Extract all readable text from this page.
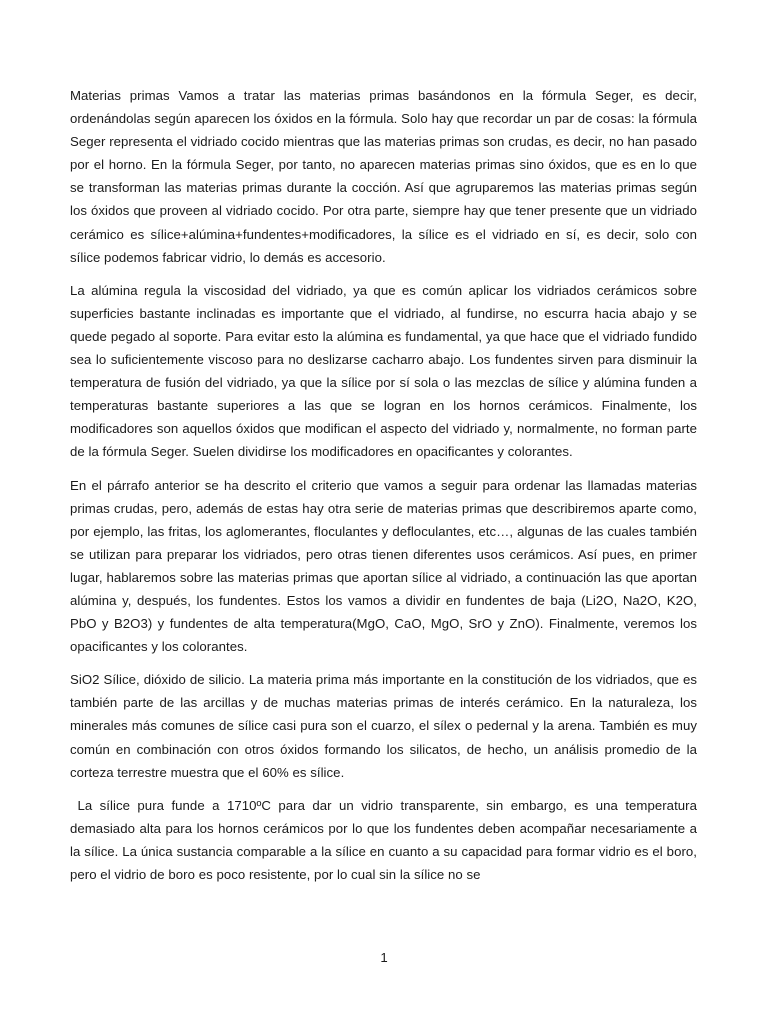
Materias primas Vamos a tratar las materias primas basándonos en la fórmula Seger, es decir, ordenándolas según aparecen los óxidos en la fórmula. Solo hay que recordar un par de cosas: la fórmula Seger representa el vidriado cocido mientras que las materias primas son crudas, es decir, no han pasado por el horno. En la fórmula Seger, por tanto, no aparecen materias primas sino óxidos, que es en lo que se transforman las materias primas durante la cocción. Así que agruparemos las materias primas según los óxidos que proveen al vidriado cocido. Por otra parte, siempre hay que tener presente que un vidriado cerámico es sílice+alúmina+fundentes+modificadores, la sílice es el vidriado en sí, es decir, solo con sílice podemos fabricar vidrio, lo demás es accesorio.

La alúmina regula la viscosidad del vidriado, ya que es común aplicar los vidriados cerámicos sobre superficies bastante inclinadas es importante que el vidriado, al fundirse, no escurra hacia abajo y se quede pegado al soporte. Para evitar esto la alúmina es fundamental, ya que hace que el vidriado fundido sea lo suficientemente viscoso para no deslizarse cacharro abajo. Los fundentes sirven para disminuir la temperatura de fusión del vidriado, ya que la sílice por sí sola o las mezclas de sílice y alúmina funden a temperaturas bastante superiores a las que se logran en los hornos cerámicos. Finalmente, los modificadores son aquellos óxidos que modifican el aspecto del vidriado y, normalmente, no forman parte de la fórmula Seger. Suelen dividirse los modificadores en opacificantes y colorantes.

En el párrafo anterior se ha descrito el criterio que vamos a seguir para ordenar las llamadas materias primas crudas, pero, además de estas hay otra serie de materias primas que describiremos aparte como, por ejemplo, las fritas, los aglomerantes, floculantes y defloculantes, etc…, algunas de las cuales también se utilizan para preparar los vidriados, pero otras tienen diferentes usos cerámicos. Así pues, en primer lugar, hablaremos sobre las materias primas que aportan sílice al vidriado, a continuación las que aportan alúmina y, después, los fundentes. Estos los vamos a dividir en fundentes de baja (Li2O, Na2O, K2O, PbO y B2O3) y fundentes de alta temperatura(MgO, CaO, MgO, SrO y ZnO). Finalmente, veremos los opacificantes y los colorantes.

SiO2 Sílice, dióxido de silicio. La materia prima más importante en la constitución de los vidriados, que es también parte de las arcillas y de muchas materias primas de interés cerámico. En la naturaleza, los minerales más comunes de sílice casi pura son el cuarzo, el sílex o pedernal y la arena. También es muy común en combinación con otros óxidos formando los silicatos, de hecho, un análisis promedio de la corteza terrestre muestra que el 60% es sílice.

La sílice pura funde a 1710ºC para dar un vidrio transparente, sin embargo, es una temperatura demasiado alta para los hornos cerámicos por lo que los fundentes deben acompañar necesariamente a la sílice. La única sustancia comparable a la sílice en cuanto a su capacidad para formar vidrio es el boro, pero el vidrio de boro es poco resistente, por lo cual sin la sílice no se

1
